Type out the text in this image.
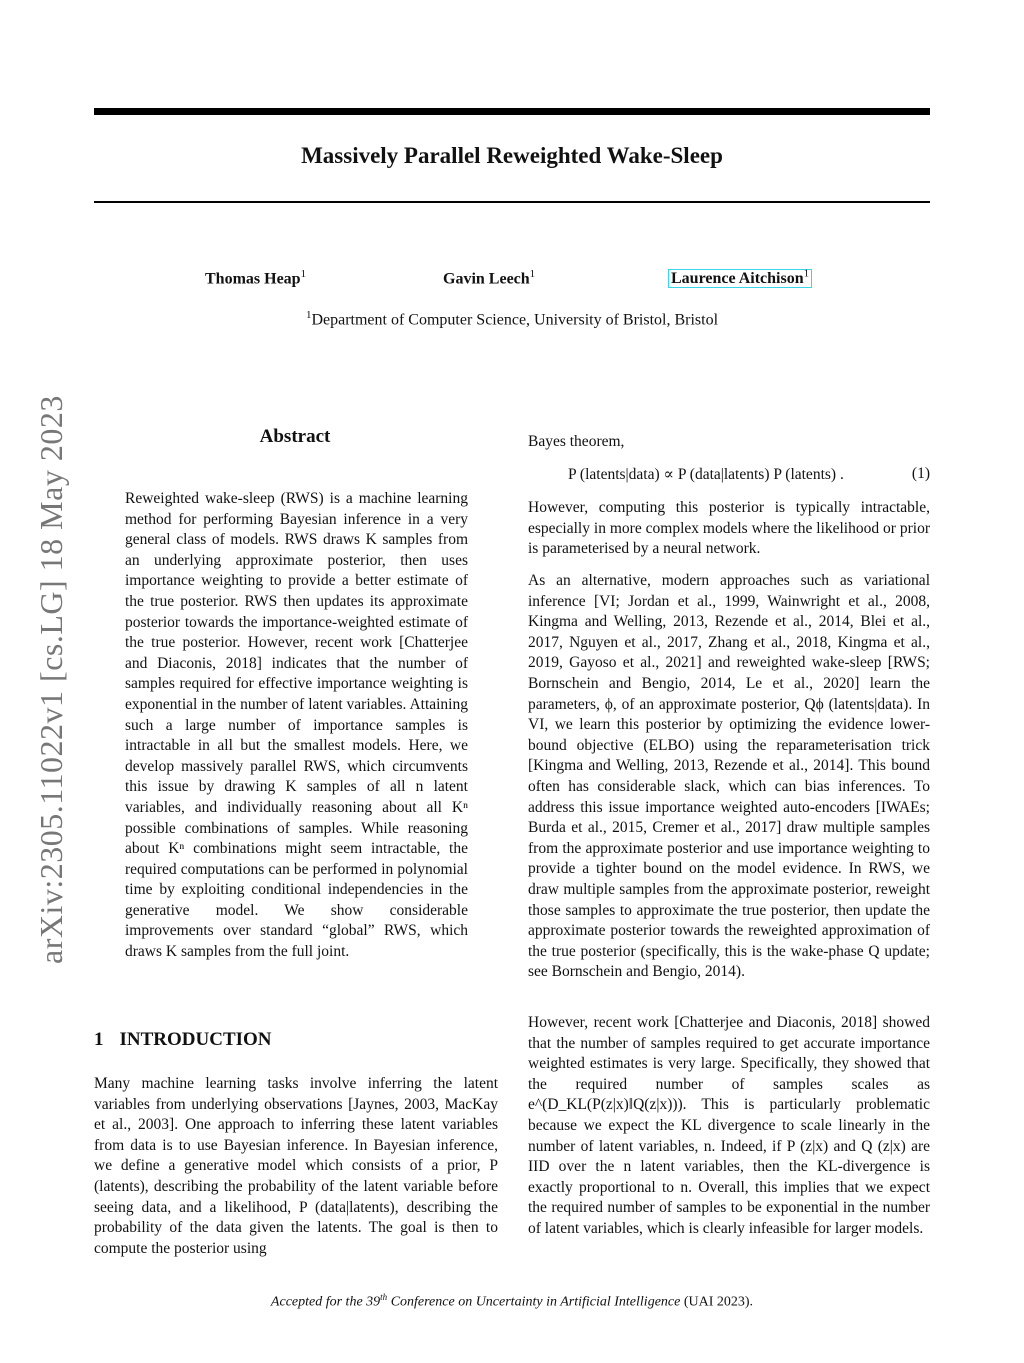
arXiv:2305.11022v1 [cs.LG] 18 May 2023
Massively Parallel Reweighted Wake-Sleep
Thomas Heap$^1$	Gavin Leech$^1$	Laurence Aitchison$^1$
$^1$Department of Computer Science, University of Bristol, Bristol
Abstract
Reweighted wake-sleep (RWS) is a machine learning method for performing Bayesian inference in a very general class of models. RWS draws K samples from an underlying approximate posterior, then uses importance weighting to provide a better estimate of the true posterior. RWS then updates its approximate posterior towards the importance-weighted estimate of the true posterior. However, recent work [Chatterjee and Diaconis, 2018] indicates that the number of samples required for effective importance weighting is exponential in the number of latent variables. Attaining such a large number of importance samples is intractable in all but the smallest models. Here, we develop massively parallel RWS, which circumvents this issue by drawing K samples of all n latent variables, and individually reasoning about all Kⁿ possible combinations of samples. While reasoning about Kⁿ combinations might seem intractable, the required computations can be performed in polynomial time by exploiting conditional independencies in the generative model. We show considerable improvements over standard “global” RWS, which draws K samples from the full joint.
1 INTRODUCTION
Many machine learning tasks involve inferring the latent variables from underlying observations [Jaynes, 2003, MacKay et al., 2003]. One approach to inferring these latent variables from data is to use Bayesian inference. In Bayesian inference, we define a generative model which consists of a prior, P (latents), describing the probability of the latent variable before seeing data, and a likelihood, P (data|latents), describing the probability of the data given the latents. The goal is then to compute the posterior using
Bayes theorem,
P (latents|data) ∝ P (data|latents) P (latents) .	(1)
However, computing this posterior is typically intractable, especially in more complex models where the likelihood or prior is parameterised by a neural network.
As an alternative, modern approaches such as variational inference [VI; Jordan et al., 1999, Wainwright et al., 2008, Kingma and Welling, 2013, Rezende et al., 2014, Blei et al., 2017, Nguyen et al., 2017, Zhang et al., 2018, Kingma et al., 2019, Gayoso et al., 2021] and reweighted wake-sleep [RWS; Bornschein and Bengio, 2014, Le et al., 2020] learn the parameters, ϕ, of an approximate posterior, Qϕ (latents|data). In VI, we learn this posterior by optimizing the evidence lower-bound objective (ELBO) using the reparameterisation trick [Kingma and Welling, 2013, Rezende et al., 2014]. This bound often has considerable slack, which can bias inferences. To address this issue importance weighted auto-encoders [IWAEs; Burda et al., 2015, Cremer et al., 2017] draw multiple samples from the approximate posterior and use importance weighting to provide a tighter bound on the model evidence. In RWS, we draw multiple samples from the approximate posterior, reweight those samples to approximate the true posterior, then update the approximate posterior towards the reweighted approximation of the true posterior (specifically, this is the wake-phase Q update; see Bornschein and Bengio, 2014).
However, recent work [Chatterjee and Diaconis, 2018] showed that the number of samples required to get accurate importance weighted estimates is very large. Specifically, they showed that the required number of samples scales as e^(D_KL(P(z|x)‖Q(z|x))). This is particularly problematic because we expect the KL divergence to scale linearly in the number of latent variables, n. Indeed, if P (z|x) and Q (z|x) are IID over the n latent variables, then the KL-divergence is exactly proportional to n. Overall, this implies that we expect the required number of samples to be exponential in the number of latent variables, which is clearly infeasible for larger models.
Accepted for the 39th Conference on Uncertainty in Artificial Intelligence (UAI 2023).
